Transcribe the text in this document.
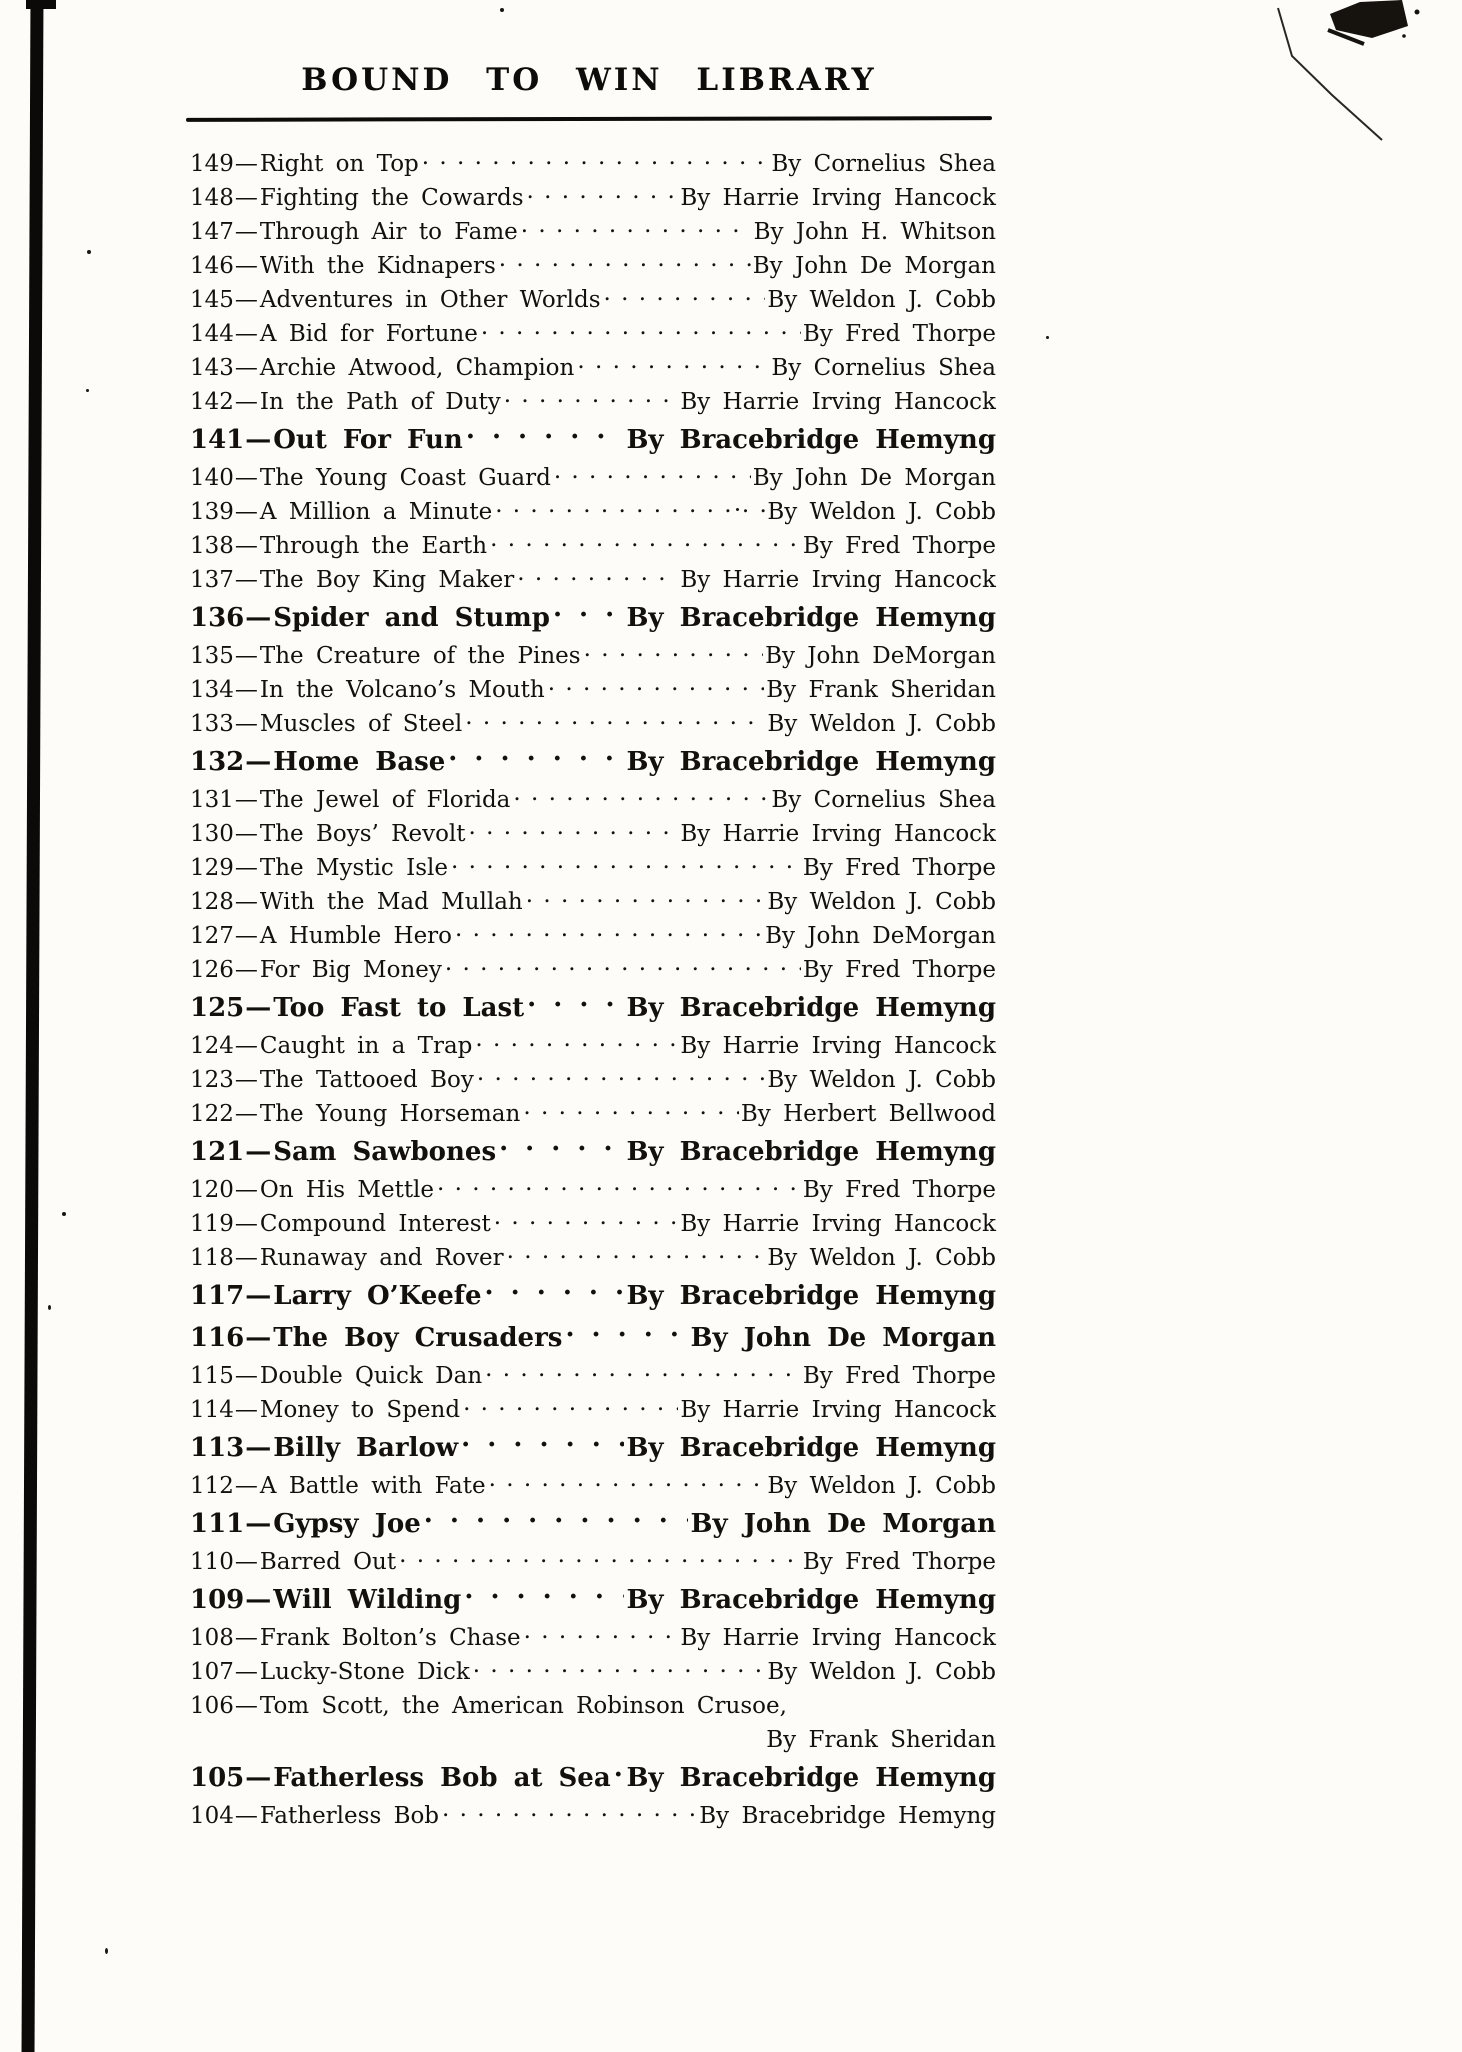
BOUND TO WIN LIBRARY
149—Right on Top . . .	By Cornelius Shea
148—Fighting the Cowards . . .	By Harrie Irving Hancock
147—Through Air to Fame . . .	By John H. Whitson
146—With the Kidnapers . . .	By John De Morgan
145—Adventures in Other Worlds . . .	By Weldon J. Cobb
144—A Bid for Fortune . . .	By Fred Thorpe
143—Archie Atwood, Champion . . .	By Cornelius Shea
142—In the Path of Duty . . .	By Harrie Irving Hancock
141—Out For Fun . . .	By Bracebridge Hemyng
140—The Young Coast Guard . . .	By John De Morgan
139—A Million a Minute . . .	By Weldon J. Cobb
138—Through the Earth . . .	By Fred Thorpe
137—The Boy King Maker . . .	By Harrie Irving Hancock
136—Spider and Stump . . .	By Bracebridge Hemyng
135—The Creature of the Pines . . .	By John DeMorgan
134—In the Volcano’s Mouth . . .	By Frank Sheridan
133—Muscles of Steel . . .	By Weldon J. Cobb
132—Home Base . . .	By Bracebridge Hemyng
131—The Jewel of Florida . . .	By Cornelius Shea
130—The Boys’ Revolt . . .	By Harrie Irving Hancock
129—The Mystic Isle . . .	By Fred Thorpe
128—With the Mad Mullah . . .	By Weldon J. Cobb
127—A Humble Hero . . .	By John DeMorgan
126—For Big Money . . .	By Fred Thorpe
125—Too Fast to Last . . .	By Bracebridge Hemyng
124—Caught in a Trap . . .	By Harrie Irving Hancock
123—The Tattooed Boy . . .	By Weldon J. Cobb
122—The Young Horseman . . .	By Herbert Bellwood
121—Sam Sawbones . . .	By Bracebridge Hemyng
120—On His Mettle . . .	By Fred Thorpe
119—Compound Interest . . .	By Harrie Irving Hancock
118—Runaway and Rover . . .	By Weldon J. Cobb
117—Larry O’Keefe . . .	By Bracebridge Hemyng
116—The Boy Crusaders . . .	By John De Morgan
115—Double Quick Dan . . .	By Fred Thorpe
114—Money to Spend . . .	By Harrie Irving Hancock
113—Billy Barlow . . .	By Bracebridge Hemyng
112—A Battle with Fate . . .	By Weldon J. Cobb
111—Gypsy Joe . . .	By John De Morgan
110—Barred Out . . .	By Fred Thorpe
109—Will Wilding . . .	By Bracebridge Hemyng
108—Frank Bolton’s Chase . . .	By Harrie Irving Hancock
107—Lucky-Stone Dick . . .	By Weldon J. Cobb
106—Tom Scott, the American Robinson Crusoe,
By Frank Sheridan
105—Fatherless Bob at Sea . . . By Bracebridge Hemyng
104—Fatherless Bob . . .	By Bracebridge Hemyng
